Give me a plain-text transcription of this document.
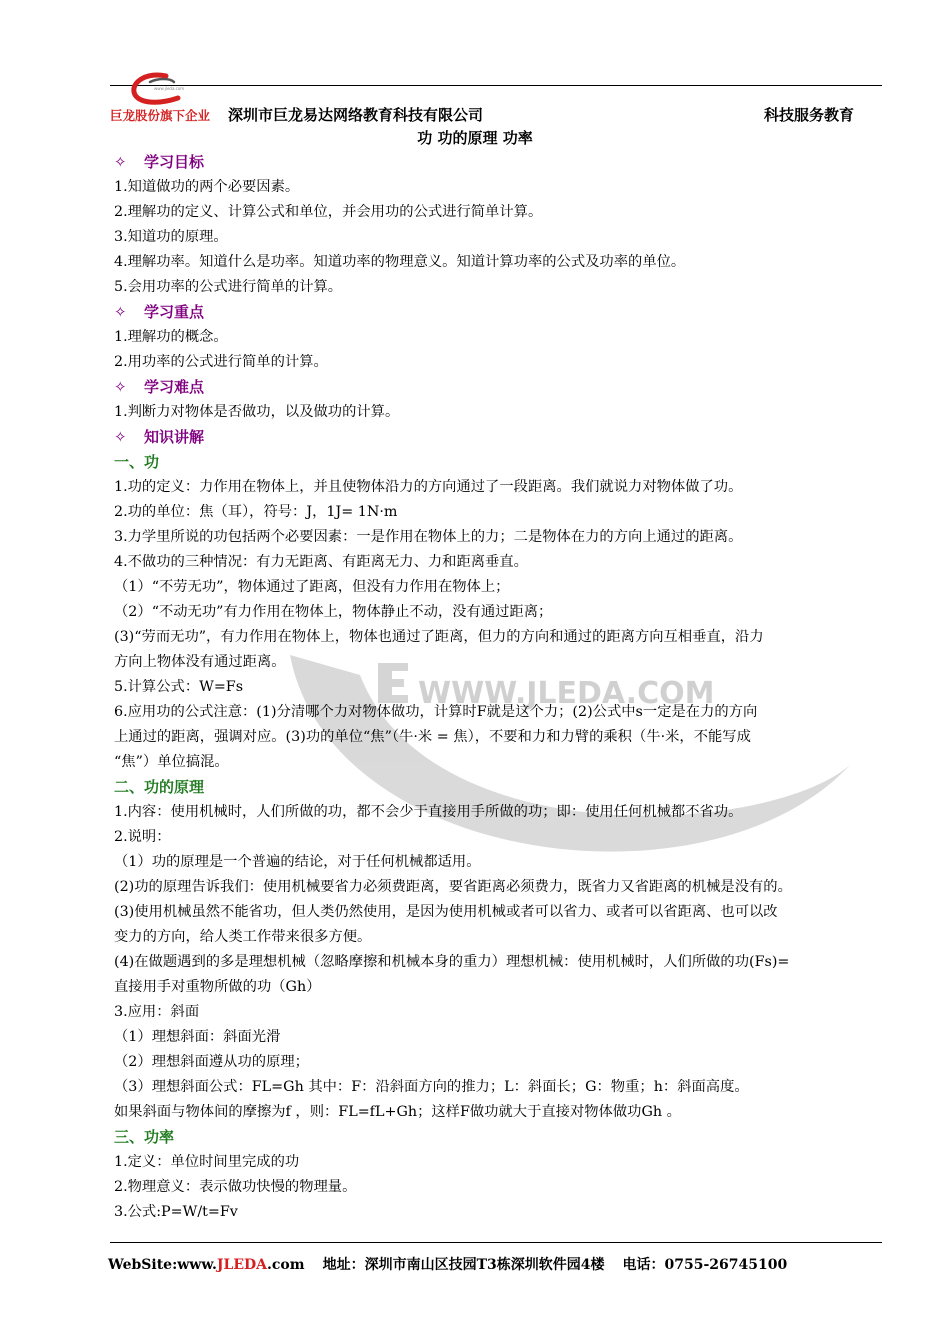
www.jleda.com
巨龙股份旗下企业 深圳市巨龙易达网络教育科技有限公司	科技服务教育
功 功的原理 功率
WWW.JLEDA.COM
✧ 学习目标
1.知道做功的两个必要因素。
2.理解功的定义、计算公式和单位，并会用功的公式进行简单计算。
3.知道功的原理。
4.理解功率。知道什么是功率。知道功率的物理意义。知道计算功率的公式及功率的单位。
5.会用功率的公式进行简单的计算。
✧ 学习重点
1.理解功的概念。
2.用功率的公式进行简单的计算。
✧ 学习难点
1.判断力对物体是否做功，以及做功的计算。
✧ 知识讲解
一、功
1.功的定义：力作用在物体上，并且使物体沿力的方向通过了一段距离。我们就说力对物体做了功。
2.功的单位：焦（耳），符号：J，1J= 1N·m
3.力学里所说的功包括两个必要因素：一是作用在物体上的力；二是物体在力的方向上通过的距离。
4.不做功的三种情况：有力无距离、有距离无力、力和距离垂直。
（1）“不劳无功”，物体通过了距离，但没有力作用在物体上；
（2）“不动无功”有力作用在物体上，物体静止不动，没有通过距离；
(3)“劳而无功”，有力作用在物体上，物体也通过了距离，但力的方向和通过的距离方向互相垂直，沿力
方向上物体没有通过距离。
5.计算公式：W=Fs
6.应用功的公式注意：(1)分清哪个力对物体做功，计算时F就是这个力；(2)公式中s一定是在力的方向
上通过的距离，强调对应。(3)功的单位“焦”（牛·米 = 焦），不要和力和力臂的乘积（牛·米，不能写成
“焦”）单位搞混。
二、功的原理
1.内容：使用机械时，人们所做的功，都不会少于直接用手所做的功；即：使用任何机械都不省功。
2.说明：
（1）功的原理是一个普遍的结论，对于任何机械都适用。
(2)功的原理告诉我们：使用机械要省力必须费距离，要省距离必须费力，既省力又省距离的机械是没有的。
(3)使用机械虽然不能省功，但人类仍然使用，是因为使用机械或者可以省力、或者可以省距离、也可以改
变力的方向，给人类工作带来很多方便。
(4)在做题遇到的多是理想机械（忽略摩擦和机械本身的重力）理想机械：使用机械时，人们所做的功(Fs)=
直接用手对重物所做的功（Gh）
3.应用：斜面
（1）理想斜面：斜面光滑
（2）理想斜面遵从功的原理；
（3）理想斜面公式：FL=Gh 其中：F：沿斜面方向的推力；L：斜面长；G：物重；h：斜面高度。
如果斜面与物体间的摩擦为f ，则：FL=fL+Gh；这样F做功就大于直接对物体做功Gh 。
三、功率
1.定义：单位时间里完成的功
2.物理意义：表示做功快慢的物理量。
3.公式:P=W/t=Fv
WebSite:www.JLEDA.com 地址：深圳市南山区技园T3栋深圳软件园4楼 电话：0755-26745100
